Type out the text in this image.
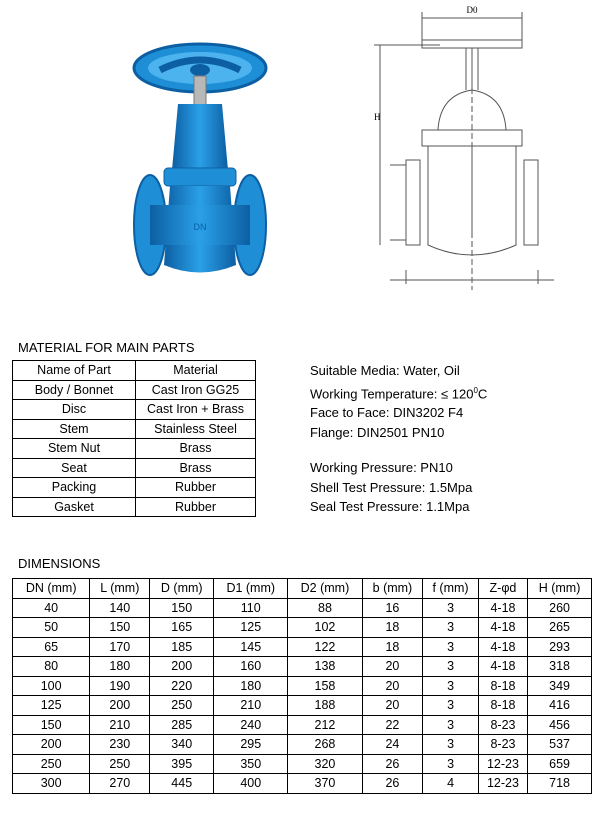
DN
D0
H
MATERIAL FOR MAIN PARTS
Name of Part	Material
Body / Bonnet	Cast Iron GG25
Disc	Cast Iron + Brass
Stem	Stainless Steel
Stem Nut	Brass
Seat	Brass
Packing	Rubber
Gasket	Rubber
Suitable Media: Water, Oil
Working Temperature: ≤ $120^0C$
Face to Face: DIN3202 F4
Flange: DIN2501 PN10
Working Pressure: PN10
Shell Test Pressure: 1.5Mpa
Seal Test Pressure: 1.1Mpa
DIMENSIONS
DN (mm)	L (mm)	D (mm)	D1 (mm)	D2 (mm)	b (mm)	f (mm)	Z-φd	H (mm)
40	140	150	110	88	16	3	4-18	260
50	150	165	125	102	18	3	4-18	265
65	170	185	145	122	18	3	4-18	293
80	180	200	160	138	20	3	4-18	318
100	190	220	180	158	20	3	8-18	349
125	200	250	210	188	20	3	8-18	416
150	210	285	240	212	22	3	8-23	456
200	230	340	295	268	24	3	8-23	537
250	250	395	350	320	26	3	12-23	659
300	270	445	400	370	26	4	12-23	718
